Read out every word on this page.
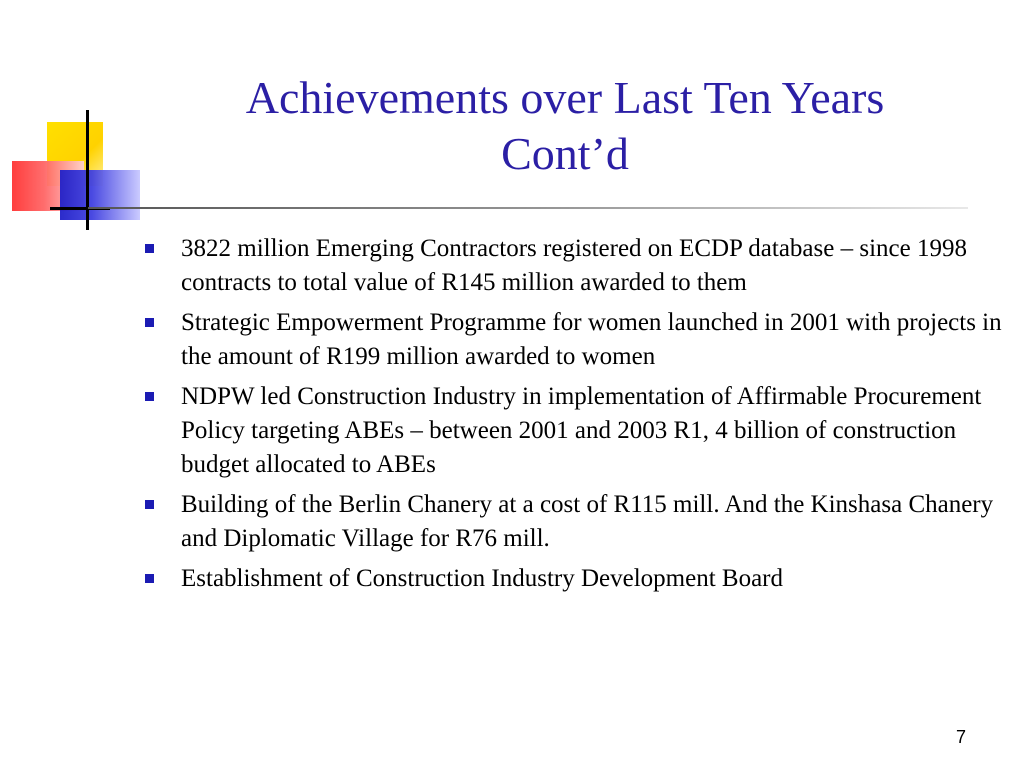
Achievements over Last Ten Years
Cont’d
3822 million Emerging Contractors registered on ECDP database – since 1998 contracts to total value of R145 million awarded to them
Strategic Empowerment Programme for women launched in 2001 with projects in the amount of R199 million awarded to women
NDPW led Construction Industry in implementation of Affirmable Procurement Policy targeting ABEs – between 2001 and 2003 R1, 4 billion of construction budget allocated to ABEs
Building of the Berlin Chanery at a cost of R115 mill. And the Kinshasa Chanery and Diplomatic Village for R76 mill.
Establishment of Construction Industry Development Board
7
